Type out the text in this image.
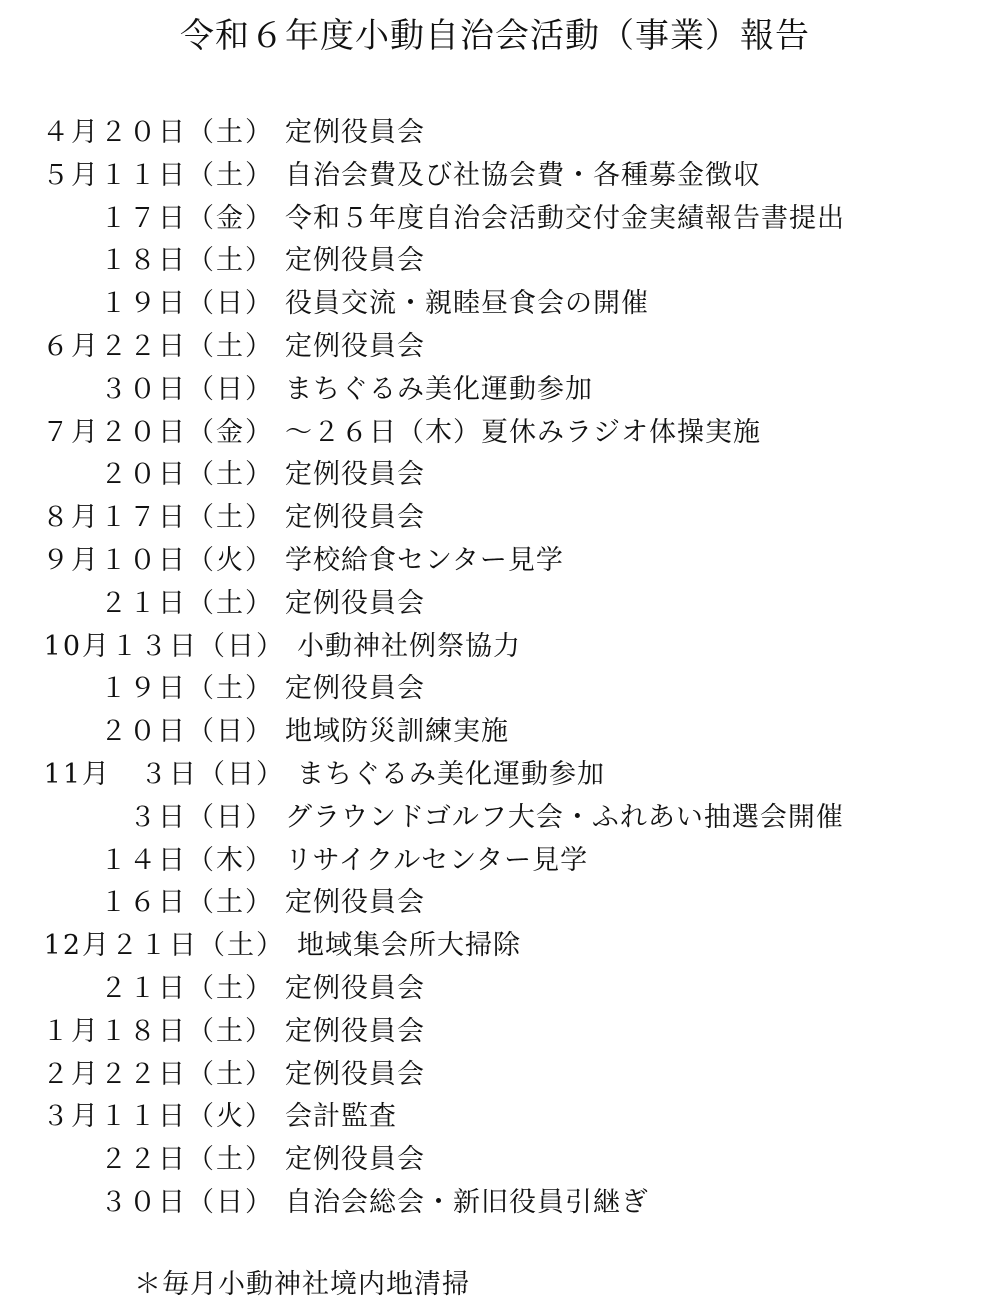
令和６年度小動自治会活動（事業）報告
４月２０日（土） 定例役員会
５月１１日（土） 自治会費及び社協会費・各種募金徴収
１７日（金） 令和５年度自治会活動交付金実績報告書提出
１８日（土） 定例役員会
１９日（日） 役員交流・親睦昼食会の開催
６月２２日（土） 定例役員会
３０日（日） まちぐるみ美化運動参加
７月２０日（金） ～２６日（木）夏休みラジオ体操実施
２０日（土） 定例役員会
８月１７日（土） 定例役員会
９月１０日（火） 学校給食センター見学
２１日（土） 定例役員会
10月１３日（日） 小動神社例祭協力
１９日（土） 定例役員会
２０日（日） 地域防災訓練実施
11月　３日（日） まちぐるみ美化運動参加
３日（日） グラウンドゴルフ大会・ふれあい抽選会開催
１４日（木） リサイクルセンター見学
１６日（土） 定例役員会
12月２１日（土） 地域集会所大掃除
２１日（土） 定例役員会
１月１８日（土） 定例役員会
２月２２日（土） 定例役員会
３月１１日（火） 会計監査
２２日（土） 定例役員会
３０日（日） 自治会総会・新旧役員引継ぎ
＊毎月小動神社境内地清掃
